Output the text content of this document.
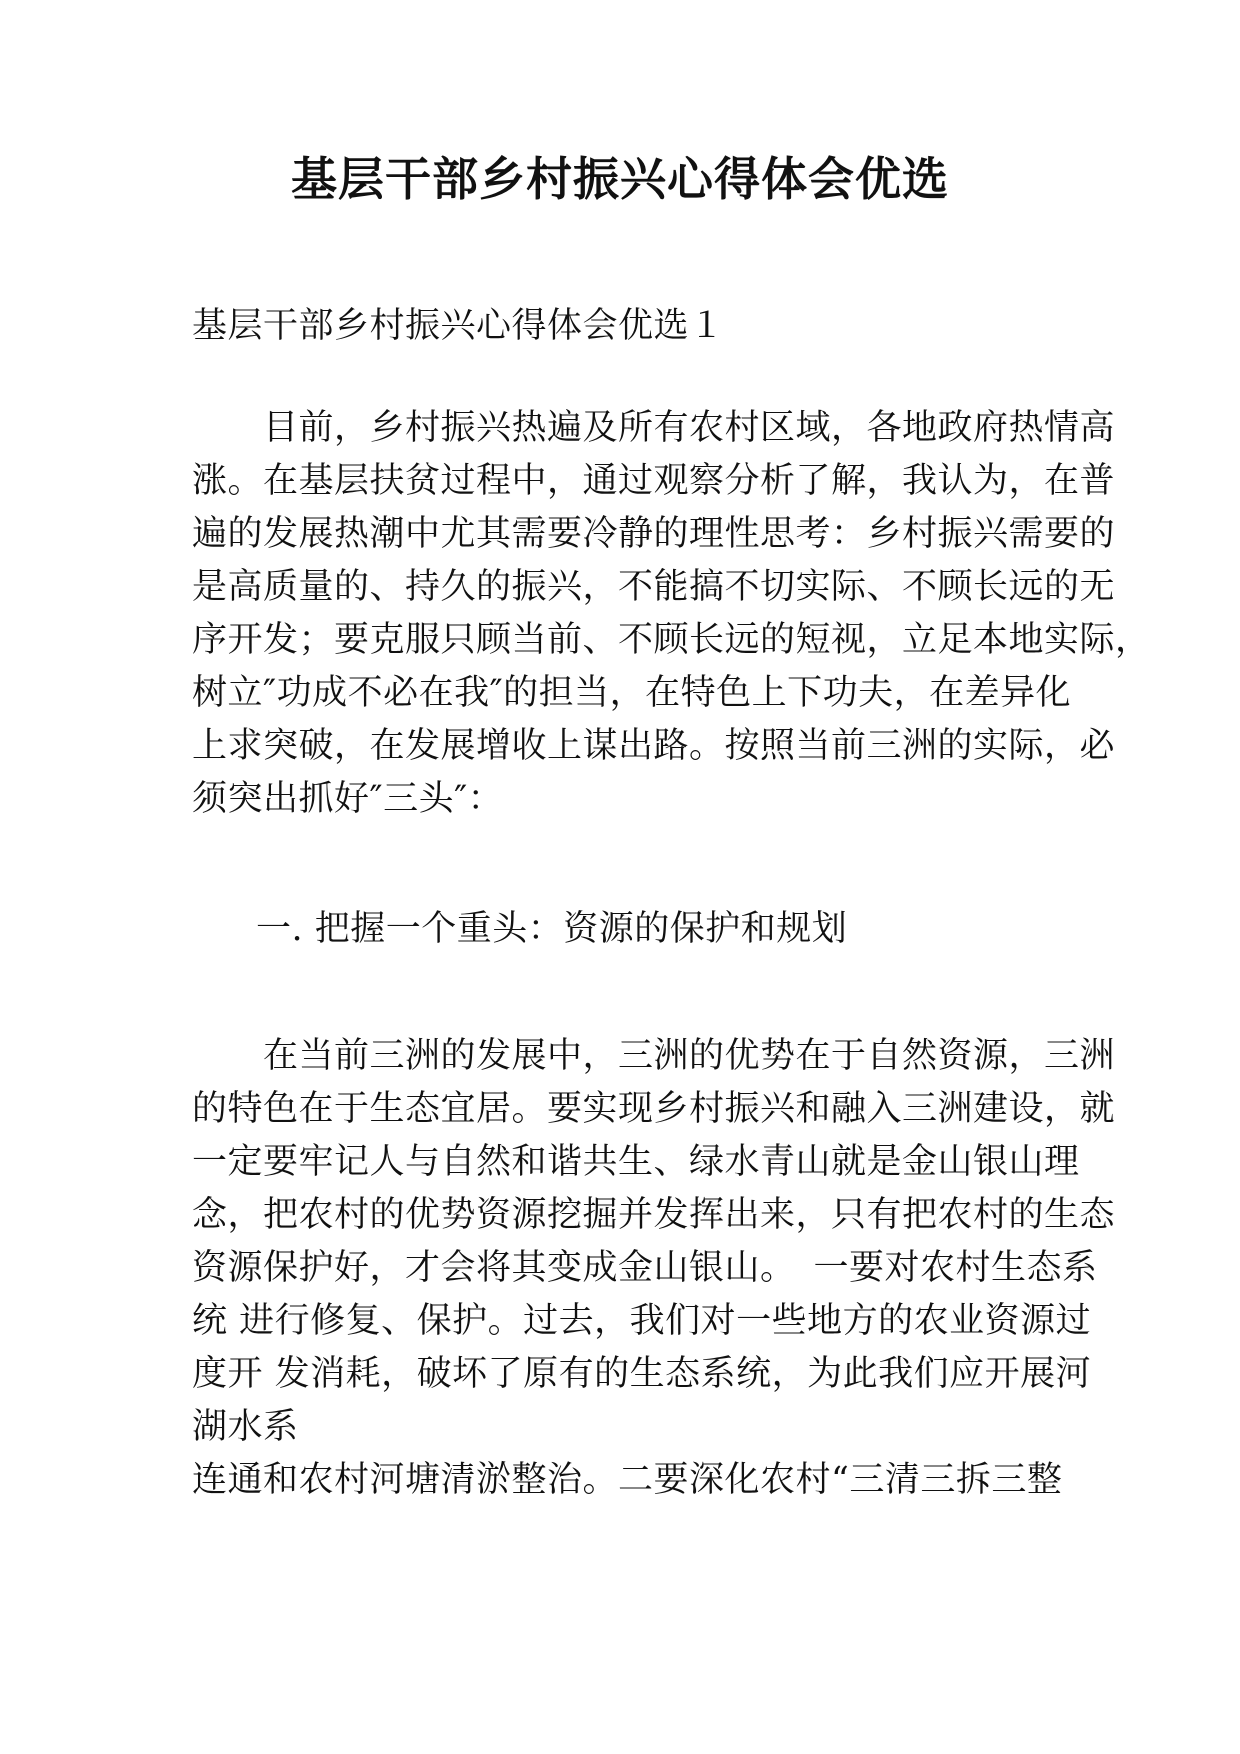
基层干部乡村振兴心得体会优选

基层干部乡村振兴心得体会优选１

　　目前，乡村振兴热遍及所有农村区域，各地政府热情高

涨。在基层扶贫过程中，通过观察分析了解，我认为，在普

遍的发展热潮中尤其需要冷静的理性思考：乡村振兴需要的

是高质量的、持久的振兴，不能搞不切实际、不顾长远的无

序开发；要克服只顾当前、不顾长远的短视，立足本地实际，

树立″功成不必在我″的担当，在特色上下功夫，在差异化

上求突破，在发展增收上谋出路。按照当前三洲的实际，必

须突出抓好″三头″：

一. 把握一个重头：资源的保护和规划

　　在当前三洲的发展中，三洲的优势在于自然资源，三洲

的特色在于生态宜居。要实现乡村振兴和融入三洲建设，就

一定要牢记人与自然和谐共生、绿水青山就是金山银山理

念，把农村的优势资源挖掘并发挥出来，只有把农村的生态

资源保护好，才会将其变成金山银山。　一要对农村生态系

统 进行修复、保护。过去，我们对一些地方的农业资源过

度开 发消耗，破坏了原有的生态系统，为此我们应开展河

湖水系

连通和农村河塘清淤整治。二要深化农村“三清三拆三整
